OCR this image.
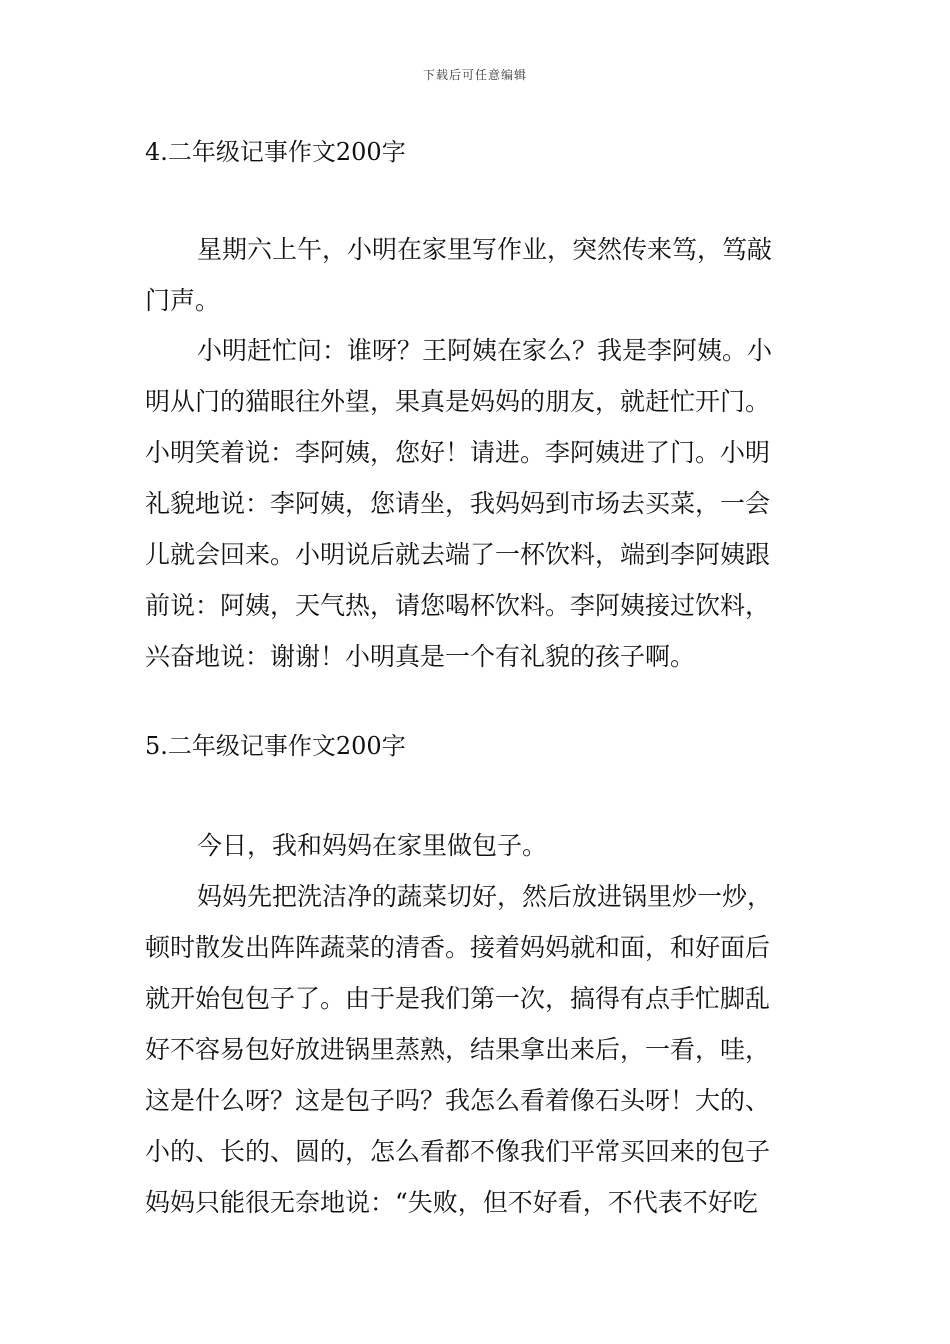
下载后可任意编辑
4.二年级记事作文200字
星期六上午，小明在家里写作业，突然传来笃，笃敲
门声。
小明赶忙问：谁呀？王阿姨在家么？我是李阿姨。小
明从门的猫眼往外望，果真是妈妈的朋友，就赶忙开门。
小明笑着说：李阿姨，您好！请进。李阿姨进了门。小明
礼貌地说：李阿姨，您请坐，我妈妈到市场去买菜，一会
儿就会回来。小明说后就去端了一杯饮料，端到李阿姨跟
前说：阿姨，天气热，请您喝杯饮料。李阿姨接过饮料，
兴奋地说：谢谢！小明真是一个有礼貌的孩子啊。
5.二年级记事作文200字
今日，我和妈妈在家里做包子。
妈妈先把洗洁净的蔬菜切好，然后放进锅里炒一炒，
顿时散发出阵阵蔬菜的清香。接着妈妈就和面，和好面后
就开始包包子了。由于是我们第一次，搞得有点手忙脚乱
好不容易包好放进锅里蒸熟，结果拿出来后，一看，哇，
这是什么呀？这是包子吗？我怎么看着像石头呀！大的、
小的、长的、圆的，怎么看都不像我们平常买回来的包子
妈妈只能很无奈地说：“失败，但不好看，不代表不好吃
